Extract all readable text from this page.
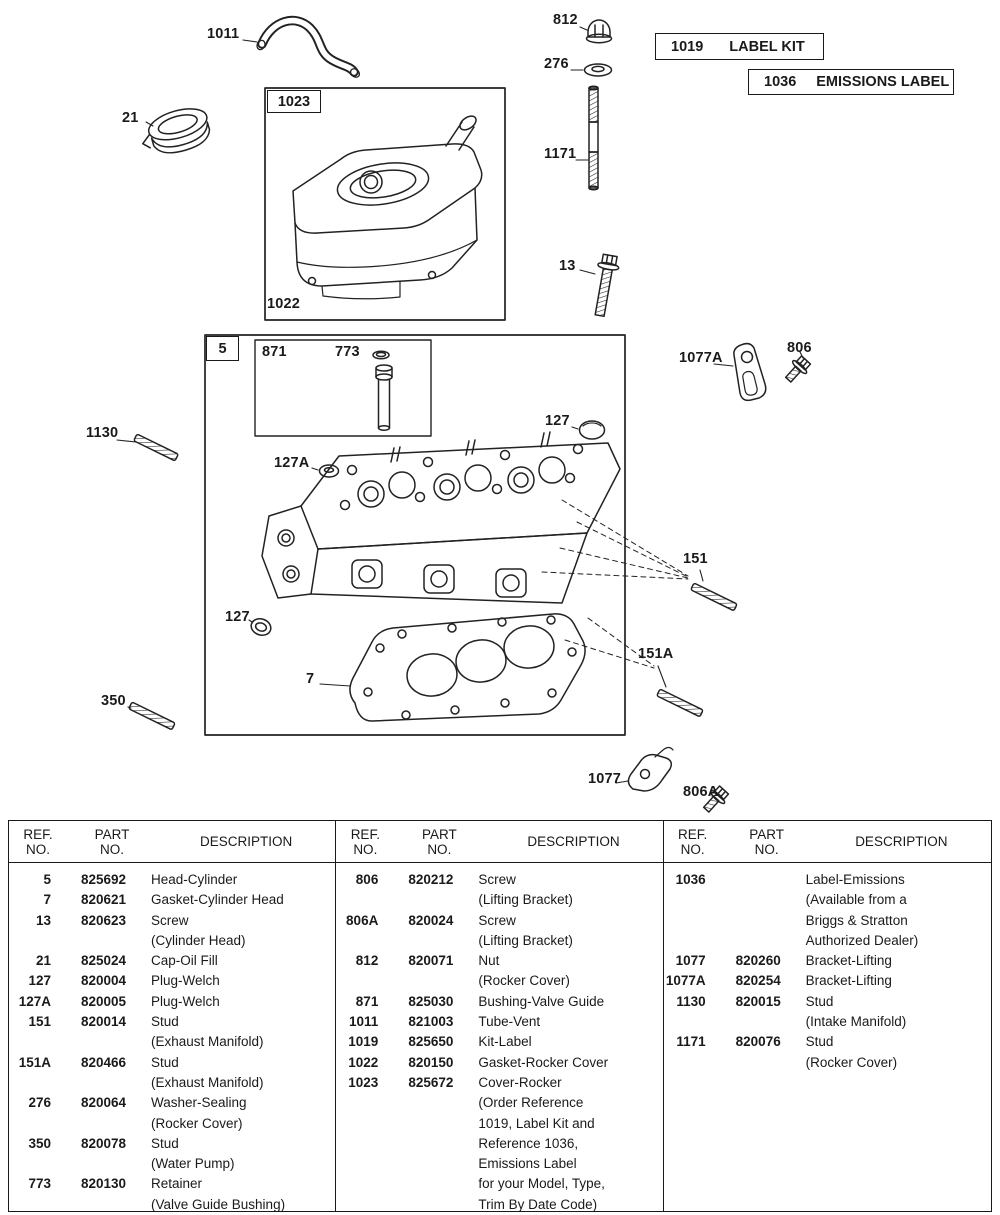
1011
812
276
21
1171
13
1022
871	773	1077A
806
1130
127
127A
151
127
7
151A
350
1077
806A
1023
5
1019 LABEL KIT
1036 EMISSIONS LABEL
REF.
NO.
PART
NO.	DESCRIPTION
5 825692	Head-Cylinder
7 820621	Gasket-Cylinder Head
13 820623	Screw
(Cylinder Head)
21 825024	Cap-Oil Fill
127 820004	Plug-Welch
127A 820005	Plug-Welch
151 820014	Stud
(Exhaust Manifold)
151A 820466	Stud
(Exhaust Manifold)
276 820064	Washer-Sealing
(Rocker Cover)
350 820078	Stud
(Water Pump)
773 820130	Retainer
(Valve Guide Bushing)
REF.
NO.
PART
NO.	DESCRIPTION
806 820212	Screw
(Lifting Bracket)
806A 820024	Screw
(Lifting Bracket)
812 820071	Nut
(Rocker Cover)
871 825030	Bushing-Valve Guide
1011 821003	Tube-Vent
1019 825650	Kit-Label
1022 820150	Gasket-Rocker Cover
1023 825672	Cover-Rocker
(Order Reference
1019, Label Kit and
Reference 1036,
Emissions Label
for your Model, Type,
Trim By Date Code)
REF.
NO.
PART
NO.	DESCRIPTION
1036	Label-Emissions
(Available from a
Briggs & Stratton
Authorized Dealer)
1077 820260	Bracket-Lifting
1077A 820254	Bracket-Lifting
1130 820015	Stud
(Intake Manifold)
1171 820076	Stud
(Rocker Cover)
